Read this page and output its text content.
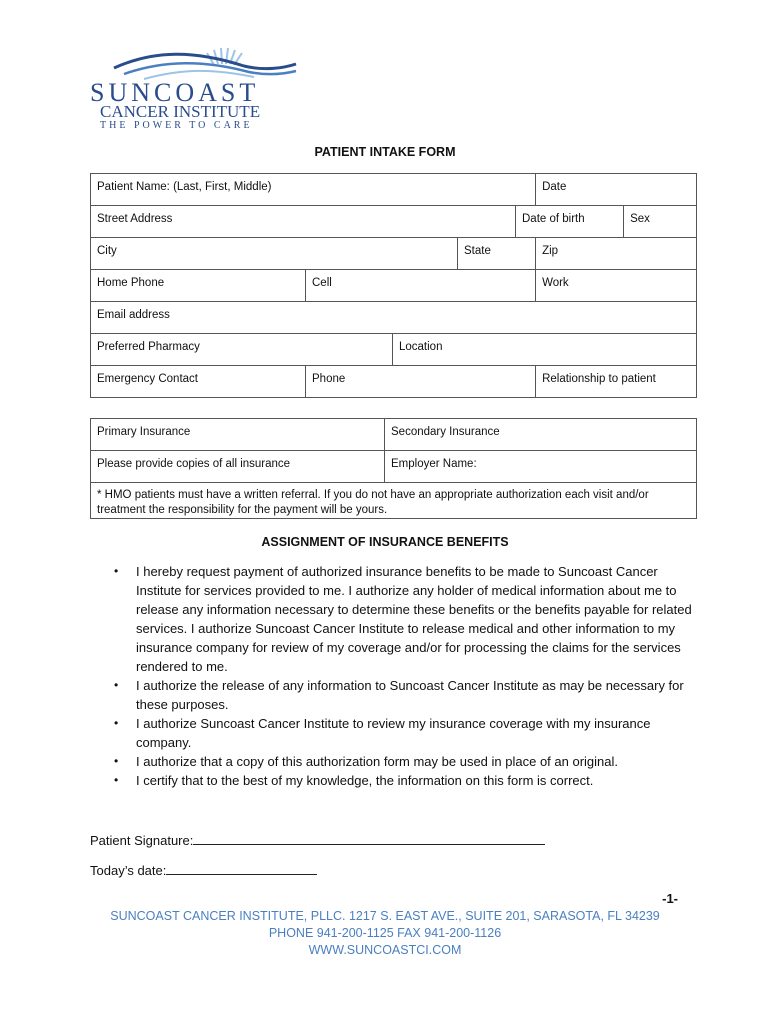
SUNCOAST
CANCER INSTITUTE
THE POWER TO CARE
PATIENT INTAKE FORM
Patient Name: (Last, First, Middle)					Date	
Street Address				Date of birth		Sex
City			State		Zip	
Home Phone	Cell				Work	
Email address						
Preferred Pharmacy		Location				
Emergency Contact	Phone				Relationship to patient	
Primary Insurance	Secondary Insurance
Please provide copies of all insurance	Employer Name:
* HMO patients must have a written referral. If you do not have an appropriate authorization each visit and/or treatment the responsibility for the payment will be yours.	
ASSIGNMENT OF INSURANCE BENEFITS
• I hereby request payment of authorized insurance benefits to be made to Suncoast Cancer Institute for services provided to me. I authorize any holder of medical information about me to release any information necessary to determine these benefits or the benefits payable for related services. I authorize Suncoast Cancer Institute to release medical and other information to my insurance company for review of my coverage and/or for processing the claims for the services rendered to me.
• I authorize the release of any information to Suncoast Cancer Institute as may be necessary for these purposes.
• I authorize Suncoast Cancer Institute to review my insurance coverage with my insurance company.
• I authorize that a copy of this authorization form may be used in place of an original.
• I certify that to the best of my knowledge, the information on this form is correct.
Patient Signature:
Today’s date:
-1-
SUNCOAST CANCER INSTITUTE, PLLC. 1217 S. EAST AVE., SUITE 201, SARASOTA, FL 34239
PHONE 941-200-1125 FAX 941-200-1126
WWW.SUNCOASTCI.COM
